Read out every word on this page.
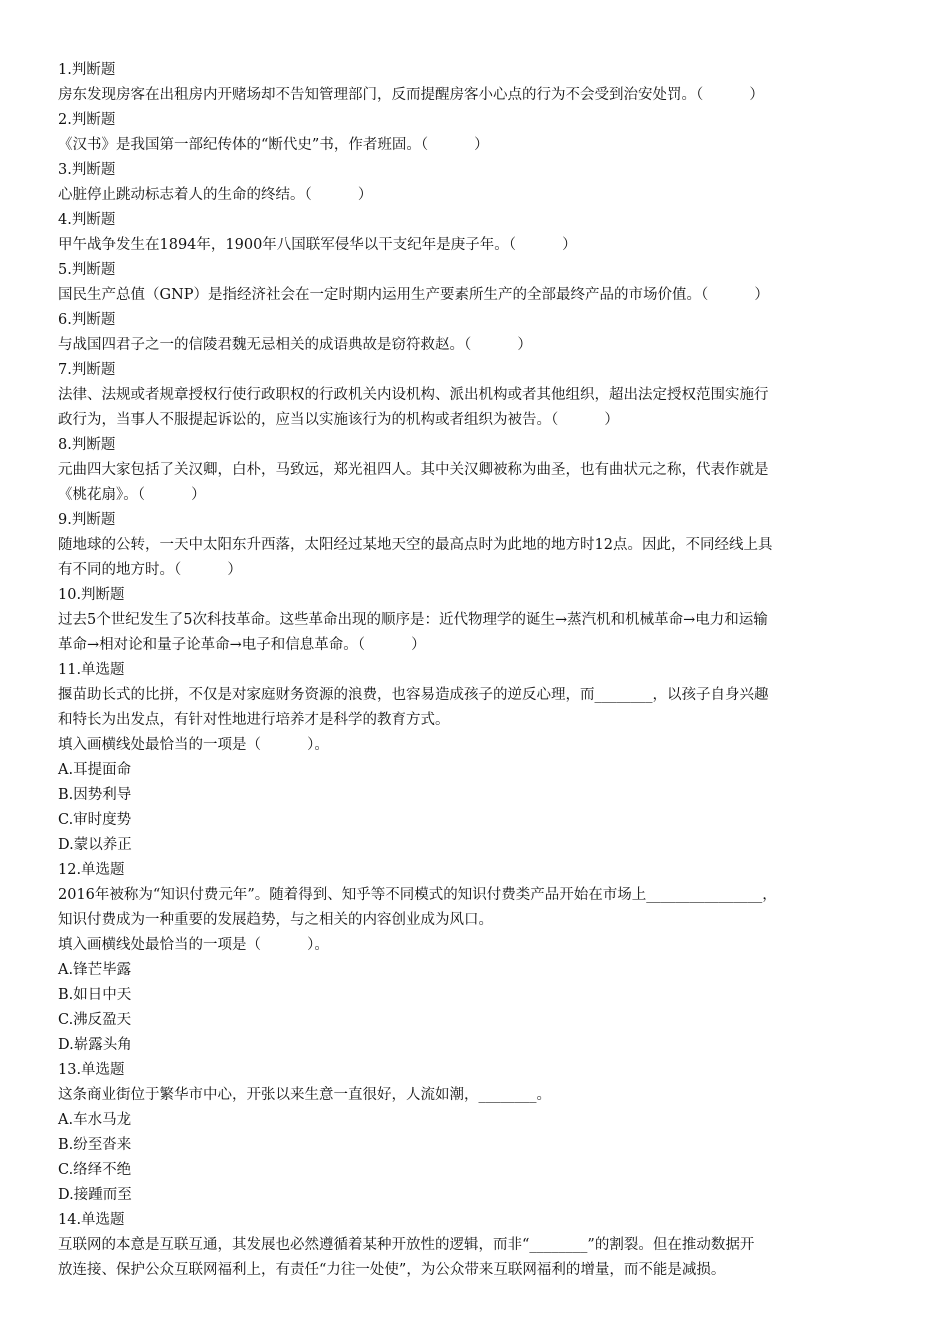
1.判断题
房东发现房客在出租房内开赌场却不告知管理部门，反而提醒房客小心点的行为不会受到治安处罚。（          ）
2.判断题
《汉书》是我国第一部纪传体的“断代史”书，作者班固。（          ）
3.判断题
心脏停止跳动标志着人的生命的终结。（          ）
4.判断题
甲午战争发生在1894年，1900年八国联军侵华以干支纪年是庚子年。（          ）
5.判断题
国民生产总值（GNP）是指经济社会在一定时期内运用生产要素所生产的全部最终产品的市场价值。（          ）
6.判断题
与战国四君子之一的信陵君魏无忌相关的成语典故是窃符救赵。（          ）
7.判断题
法律、法规或者规章授权行使行政职权的行政机关内设机构、派出机构或者其他组织，超出法定授权范围实施行
政行为，当事人不服提起诉讼的，应当以实施该行为的机构或者组织为被告。（          ）
8.判断题
元曲四大家包括了关汉卿，白朴，马致远，郑光祖四人。其中关汉卿被称为曲圣，也有曲状元之称，代表作就是
《桃花扇》。（          ）
9.判断题
随地球的公转，一天中太阳东升西落，太阳经过某地天空的最高点时为此地的地方时12点。因此，不同经线上具
有不同的地方时。（          ）
10.判断题
过去5个世纪发生了5次科技革命。这些革命出现的顺序是：近代物理学的诞生→蒸汽机和机械革命→电力和运输
革命→相对论和量子论革命→电子和信息革命。（          ）
11.单选题
揠苗助长式的比拼，不仅是对家庭财务资源的浪费，也容易造成孩子的逆反心理，而________，以孩子自身兴趣
和特长为出发点，有针对性地进行培养才是科学的教育方式。
填入画横线处最恰当的一项是（          ）。
A.耳提面命
B.因势利导
C.审时度势
D.蒙以养正
12.单选题
2016年被称为“知识付费元年”。随着得到、知乎等不同模式的知识付费类产品开始在市场上________________，
知识付费成为一种重要的发展趋势，与之相关的内容创业成为风口。
填入画横线处最恰当的一项是（          ）。
A.锋芒毕露
B.如日中天
C.沸反盈天
D.崭露头角
13.单选题
这条商业街位于繁华市中心，开张以来生意一直很好，人流如潮，________。
A.车水马龙
B.纷至沓来
C.络绎不绝
D.接踵而至
14.单选题
互联网的本意是互联互通，其发展也必然遵循着某种开放性的逻辑，而非“________”的割裂。但在推动数据开
放连接、保护公众互联网福利上，有责任“力往一处使”，为公众带来互联网福利的增量，而不能是减损。
